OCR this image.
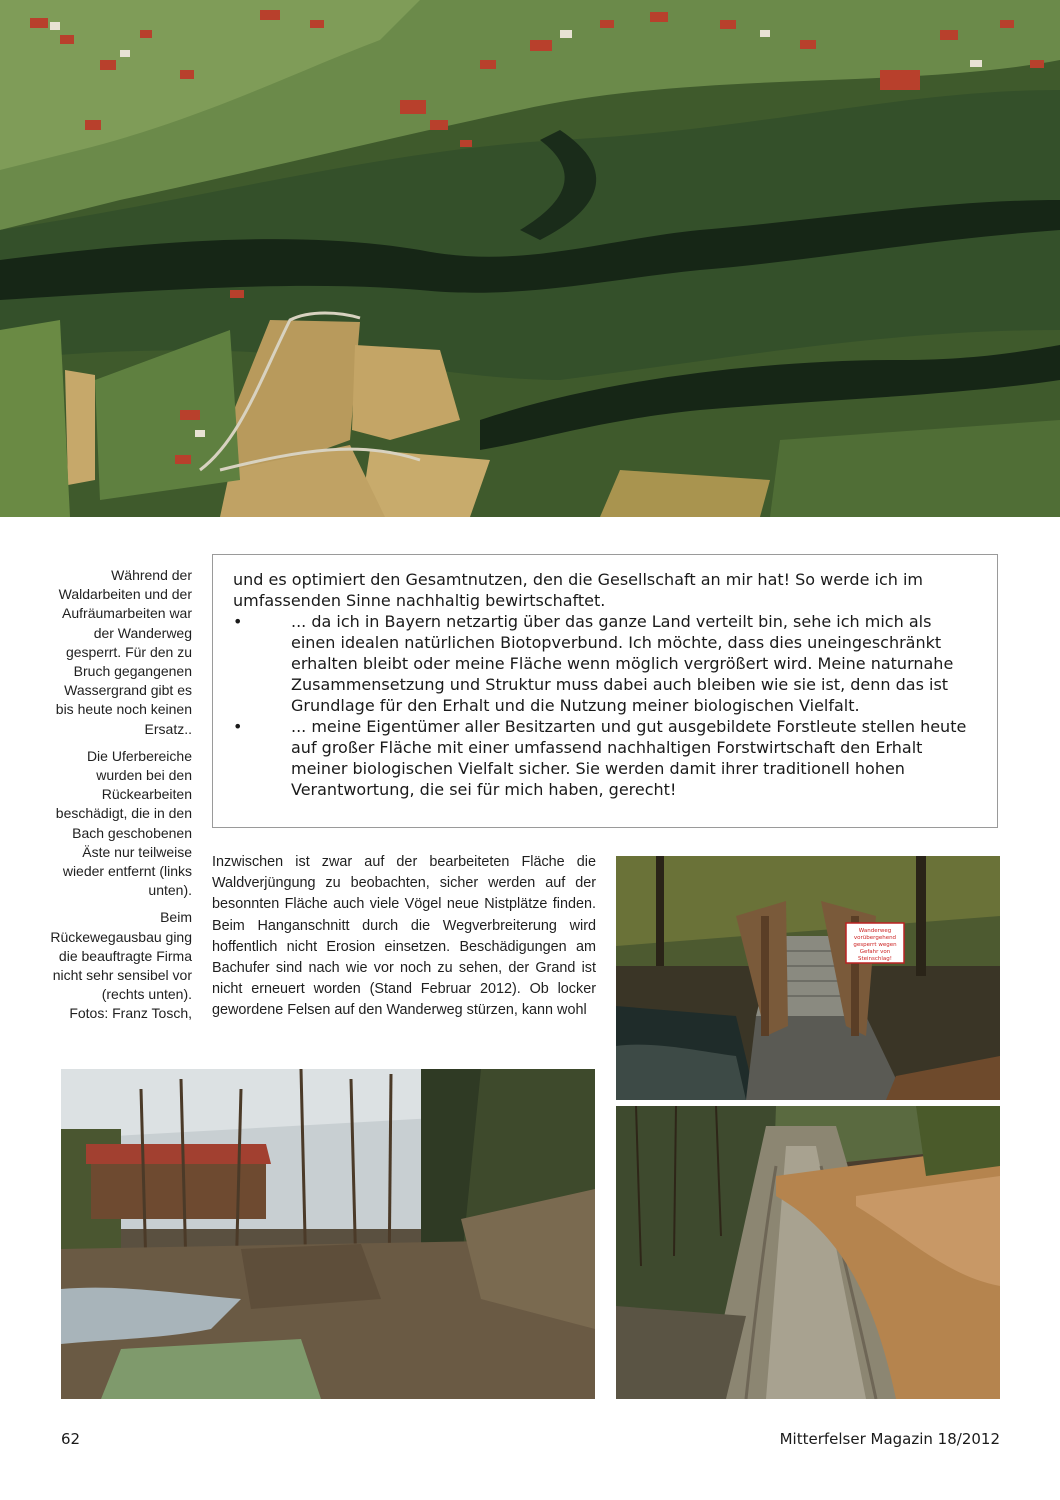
Während der Waldarbeiten und der Aufräumarbeiten war der Wanderweg gesperrt. Für den zu Bruch gegangenen Wassergrand gibt es bis heute noch keinen Ersatz..

Die Uferbereiche wurden bei den Rückearbeiten beschädigt, die in den Bach geschobenen Äste nur teilweise wieder entfernt (links unten).

Beim Rückewegausbau ging die beauftragte Firma nicht sehr sensibel vor (rechts unten).

Fotos: Franz Tosch,

und es optimiert den Gesamtnutzen, den die Gesellschaft an mir hat! So werde ich im umfassenden Sinne nachhaltig bewirtschaftet.

•	... da ich in Bayern netzartig über das ganze Land verteilt bin, sehe ich mich als einen idealen natürlichen Biotopverbund. Ich möchte, dass dies uneingeschränkt erhalten bleibt oder meine Fläche wenn möglich vergrößert wird. Meine naturnahe Zusammensetzung und Struktur muss dabei auch bleiben wie sie ist, denn das ist Grundlage für den Erhalt und die Nutzung meiner biologischen Vielfalt.
•	... meine Eigentümer aller Besitzarten und gut ausgebildete Forstleute stellen heute auf großer Fläche mit einer umfassend nachhaltigen Forstwirtschaft den Erhalt meiner biologischen Vielfalt sicher. Sie werden damit ihrer traditionell hohen Verantwortung, die sei für mich haben, gerecht!
Inzwischen ist zwar auf der bearbeiteten Fläche die Waldverjüngung zu beobachten, sicher werden auf der besonnten Fläche auch viele Vögel neue Nistplätze finden. Beim Hanganschnitt durch die Wegverbreiterung wird hoffentlich nicht Erosion einsetzen. Beschädigungen am Bachufer sind nach wie vor noch zu sehen, der Grand ist nicht erneuert worden (Stand Februar 2012). Ob locker gewordene Felsen auf den Wanderweg stürzen, kann wohl
Wanderweg
vorübergehend
gesperrt wegen
Gefahr von
Steinschlag!
62	Mitterfelser Magazin 18/2012
